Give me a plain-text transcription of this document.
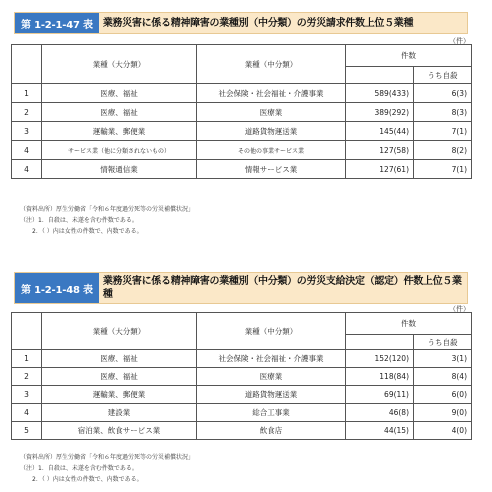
第 1-2-1-47 表	業務災害に係る精神障害の業種別（中分類）の労災請求件数上位５業種
（件）
	業種（大分類）	業種（中分類）	件数	
				うち自殺
1	医療、福祉	社会保険・社会福祉・介護事業	589(433)	6(3)
2	医療、福祉	医療業	389(292)	8(3)
3	運輸業、郵便業	道路貨物運送業	145(44)	7(1)
4	サービス業（他に分類されないもの）	その他の事業サービス業	127(58)	8(2)
4	情報通信業	情報サービス業	127(61)	7(1)
（資料出所）厚生労働省「令和６年度過労死等の労災補償状況」
（注）1．自殺は、未遂を含む件数である。
2．（ ）内は女性の件数で、内数である。
第 1-2-1-48 表
業務災害に係る精神障害の業種別（中分類）の労災支給決定（認定）件数上位５業種
（件）
	業種（大分類）	業種（中分類）	件数	
				うち自殺
1	医療、福祉	社会保険・社会福祉・介護事業	152(120)	3(1)
2	医療、福祉	医療業	118(84)	8(4)
3	運輸業、郵便業	道路貨物運送業	69(11)	6(0)
4	建設業	総合工事業	46(8)	9(0)
5	宿泊業、飲食サービス業	飲食店	44(15)	4(0)
（資料出所）厚生労働省「令和６年度過労死等の労災補償状況」
（注）1．自殺は、未遂を含む件数である。
2．（ ）内は女性の件数で、内数である。
